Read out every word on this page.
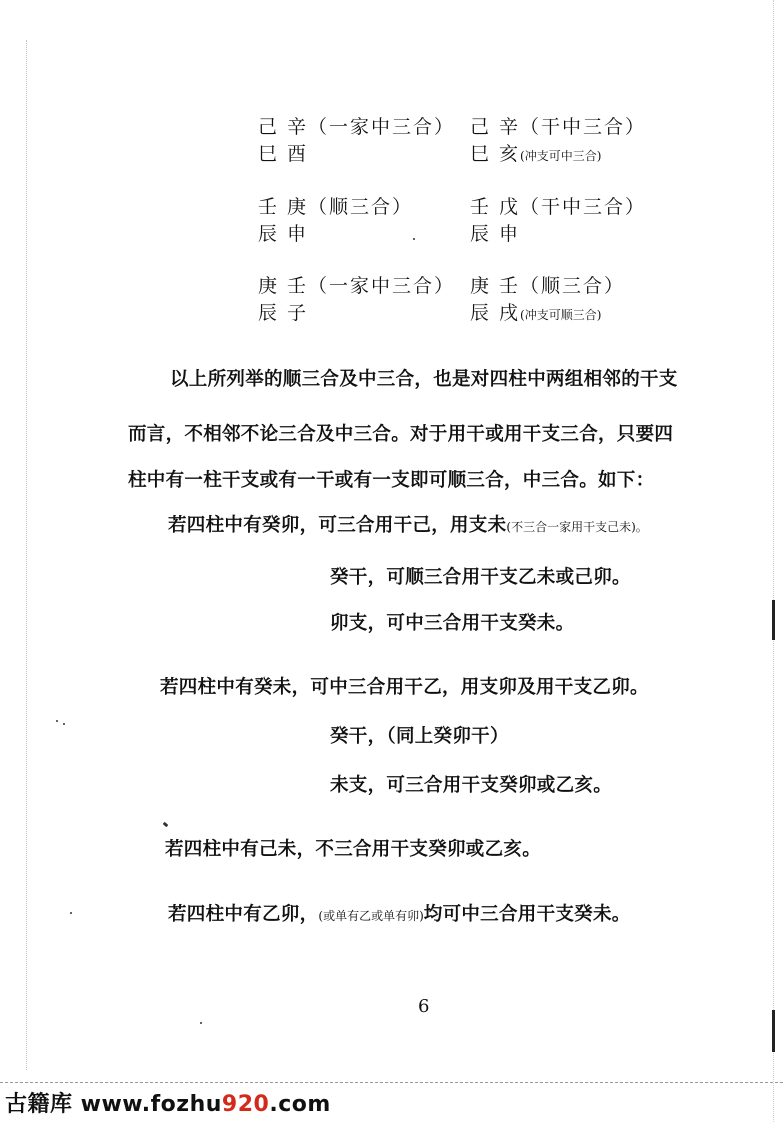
己 辛（一家中三合）
巳 酉
己 辛（干中三合）
巳 亥(冲支可中三合)
壬 庚（顺三合）
辰 申
壬 戊（干中三合）
辰 申
庚 壬（一家中三合）
辰 子
庚 壬（顺三合）
辰 戌(冲支可顺三合)
以上所列举的顺三合及中三合，也是对四柱中两组相邻的干支
而言，不相邻不论三合及中三合。对于用干或用干支三合，只要四
柱中有一柱干支或有一干或有一支即可顺三合，中三合。如下：
若四柱中有癸卯，可三合用干己，用支未(不三合一家用干支己未)。
癸干，可顺三合用干支乙未或己卯。
卯支，可中三合用干支癸未。
若四柱中有癸未，可中三合用干乙，用支卯及用干支乙卯。
癸干，（同上癸卯干）
未支，可三合用干支癸卯或乙亥。
若四柱中有己未，不三合用干支癸卯或乙亥。
若四柱中有乙卯，(或单有乙或单有卯)均可中三合用干支癸未。
6
古籍库 www.fozhu920.com
